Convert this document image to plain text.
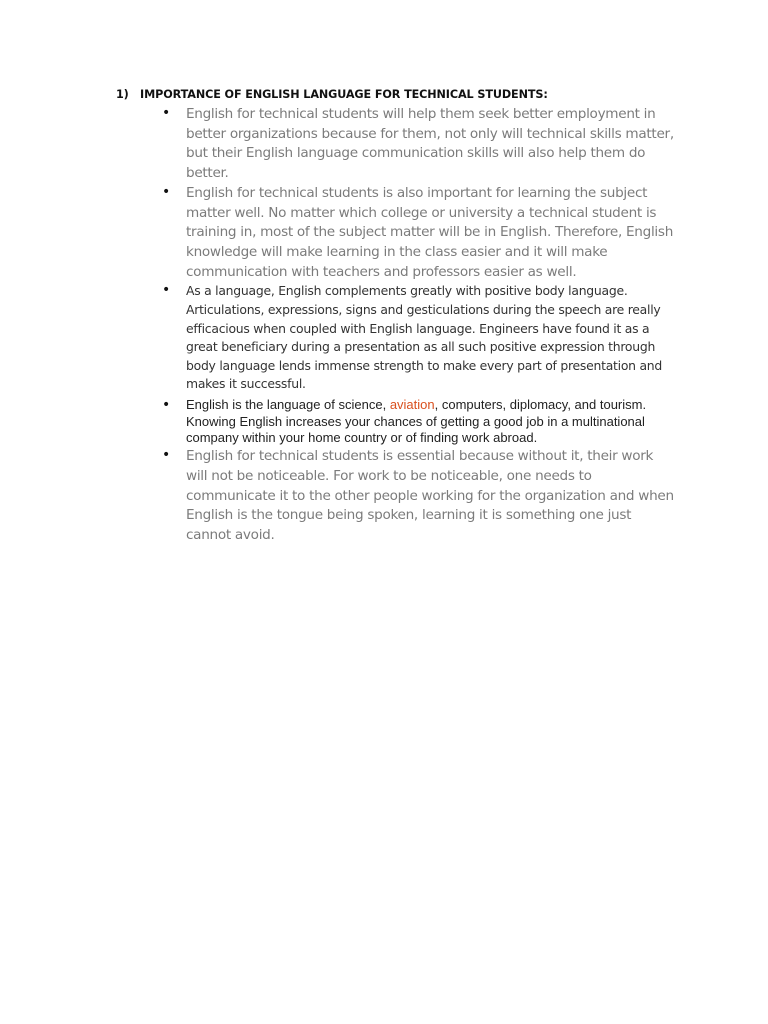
1) IMPORTANCE OF ENGLISH LANGUAGE FOR TECHNICAL STUDENTS:
• English for technical students will help them seek better employment in better organizations because for them, not only will technical skills matter, but their English language communication skills will also help them do better.
• English for technical students is also important for learning the subject matter well. No matter which college or university a technical student is training in, most of the subject matter will be in English. Therefore, English knowledge will make learning in the class easier and it will make communication with teachers and professors easier as well.
• As a language, English complements greatly with positive body language. Articulations, expressions, signs and gesticulations during the speech are really efficacious when coupled with English language. Engineers have found it as a great beneficiary during a presentation as all such positive expression through body language lends immense strength to make every part of presentation and makes it successful.
• English is the language of science, aviation, computers, diplomacy, and tourism. Knowing English increases your chances of getting a good job in a multinational company within your home country or of finding work abroad.
• English for technical students is essential because without it, their work will not be noticeable. For work to be noticeable, one needs to communicate it to the other people working for the organization and when English is the tongue being spoken, learning it is something one just cannot avoid.
